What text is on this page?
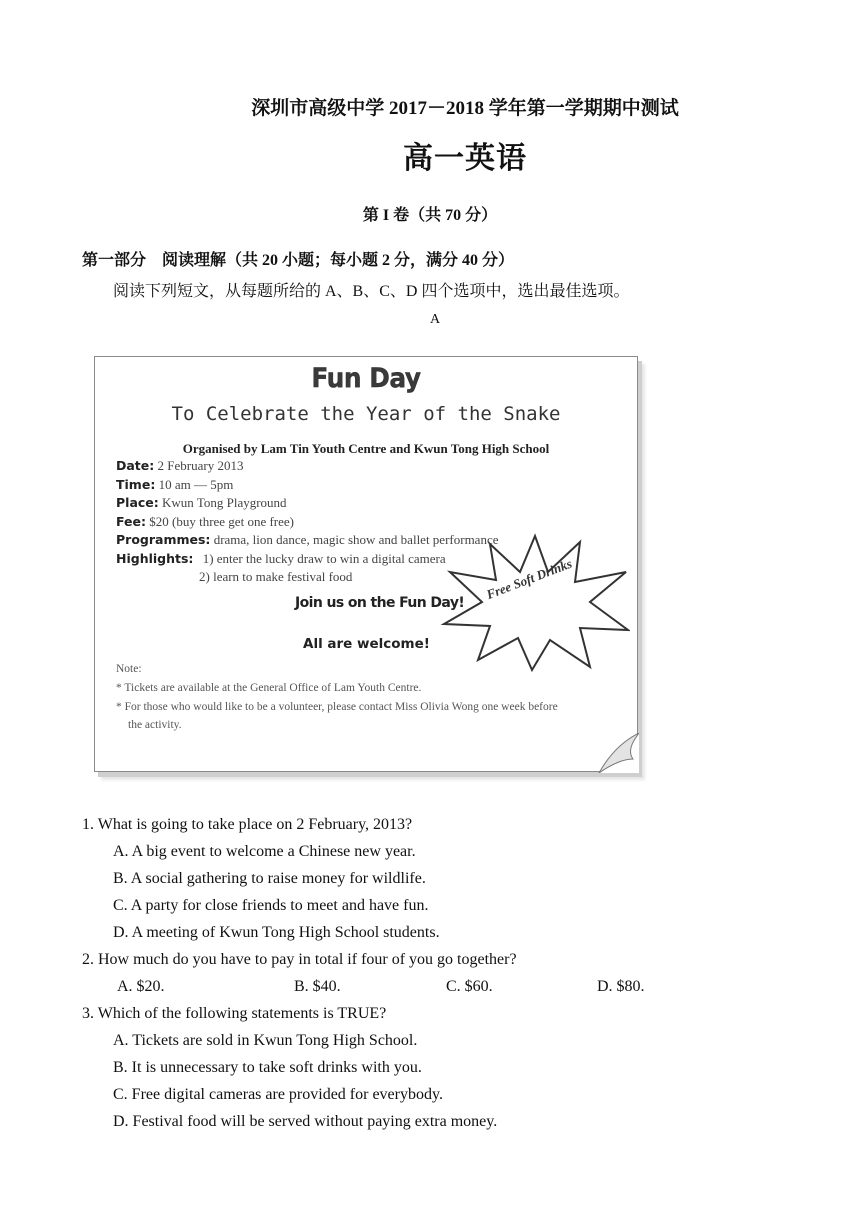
深圳市高级中学 2017－2018 学年第一学期期中测试
高一英语
第 I 卷（共 70 分）
第一部分　阅读理解（共 20 小题；每小题 2 分，满分 40 分）
阅读下列短文，从每题所给的 A、B、C、D 四个选项中，选出最佳选项。
A
Fun Day
To Celebrate the Year of the Snake
Organised by Lam Tin Youth Centre and Kwun Tong High School
Date: 2 February 2013
Time: 10 am — 5pm
Place: Kwun Tong Playground
Fee: $20 (buy three get one free)
Programmes: drama, lion dance, magic show and ballet performance
Highlights: 1) enter the lucky draw to win a digital camera
2) learn to make festival food	Free Soft Drinks
Join us on the Fun Day!
All are welcome!
Note:
* Tickets are available at the General Office of Lam Youth Centre.
* For those who would like to be a volunteer, please contact Miss Olivia Wong one week before
the activity.
1. What is going to take place on 2 February, 2013?
A. A big event to welcome a Chinese new year.
B. A social gathering to raise money for wildlife.
C. A party for close friends to meet and have fun.
D. A meeting of Kwun Tong High School students.
2. How much do you have to pay in total if four of you go together?
A. $20.	B. $40.	C. $60.	D. $80.
3. Which of the following statements is TRUE?
A. Tickets are sold in Kwun Tong High School.
B. It is unnecessary to take soft drinks with you.
C. Free digital cameras are provided for everybody.
D. Festival food will be served without paying extra money.
